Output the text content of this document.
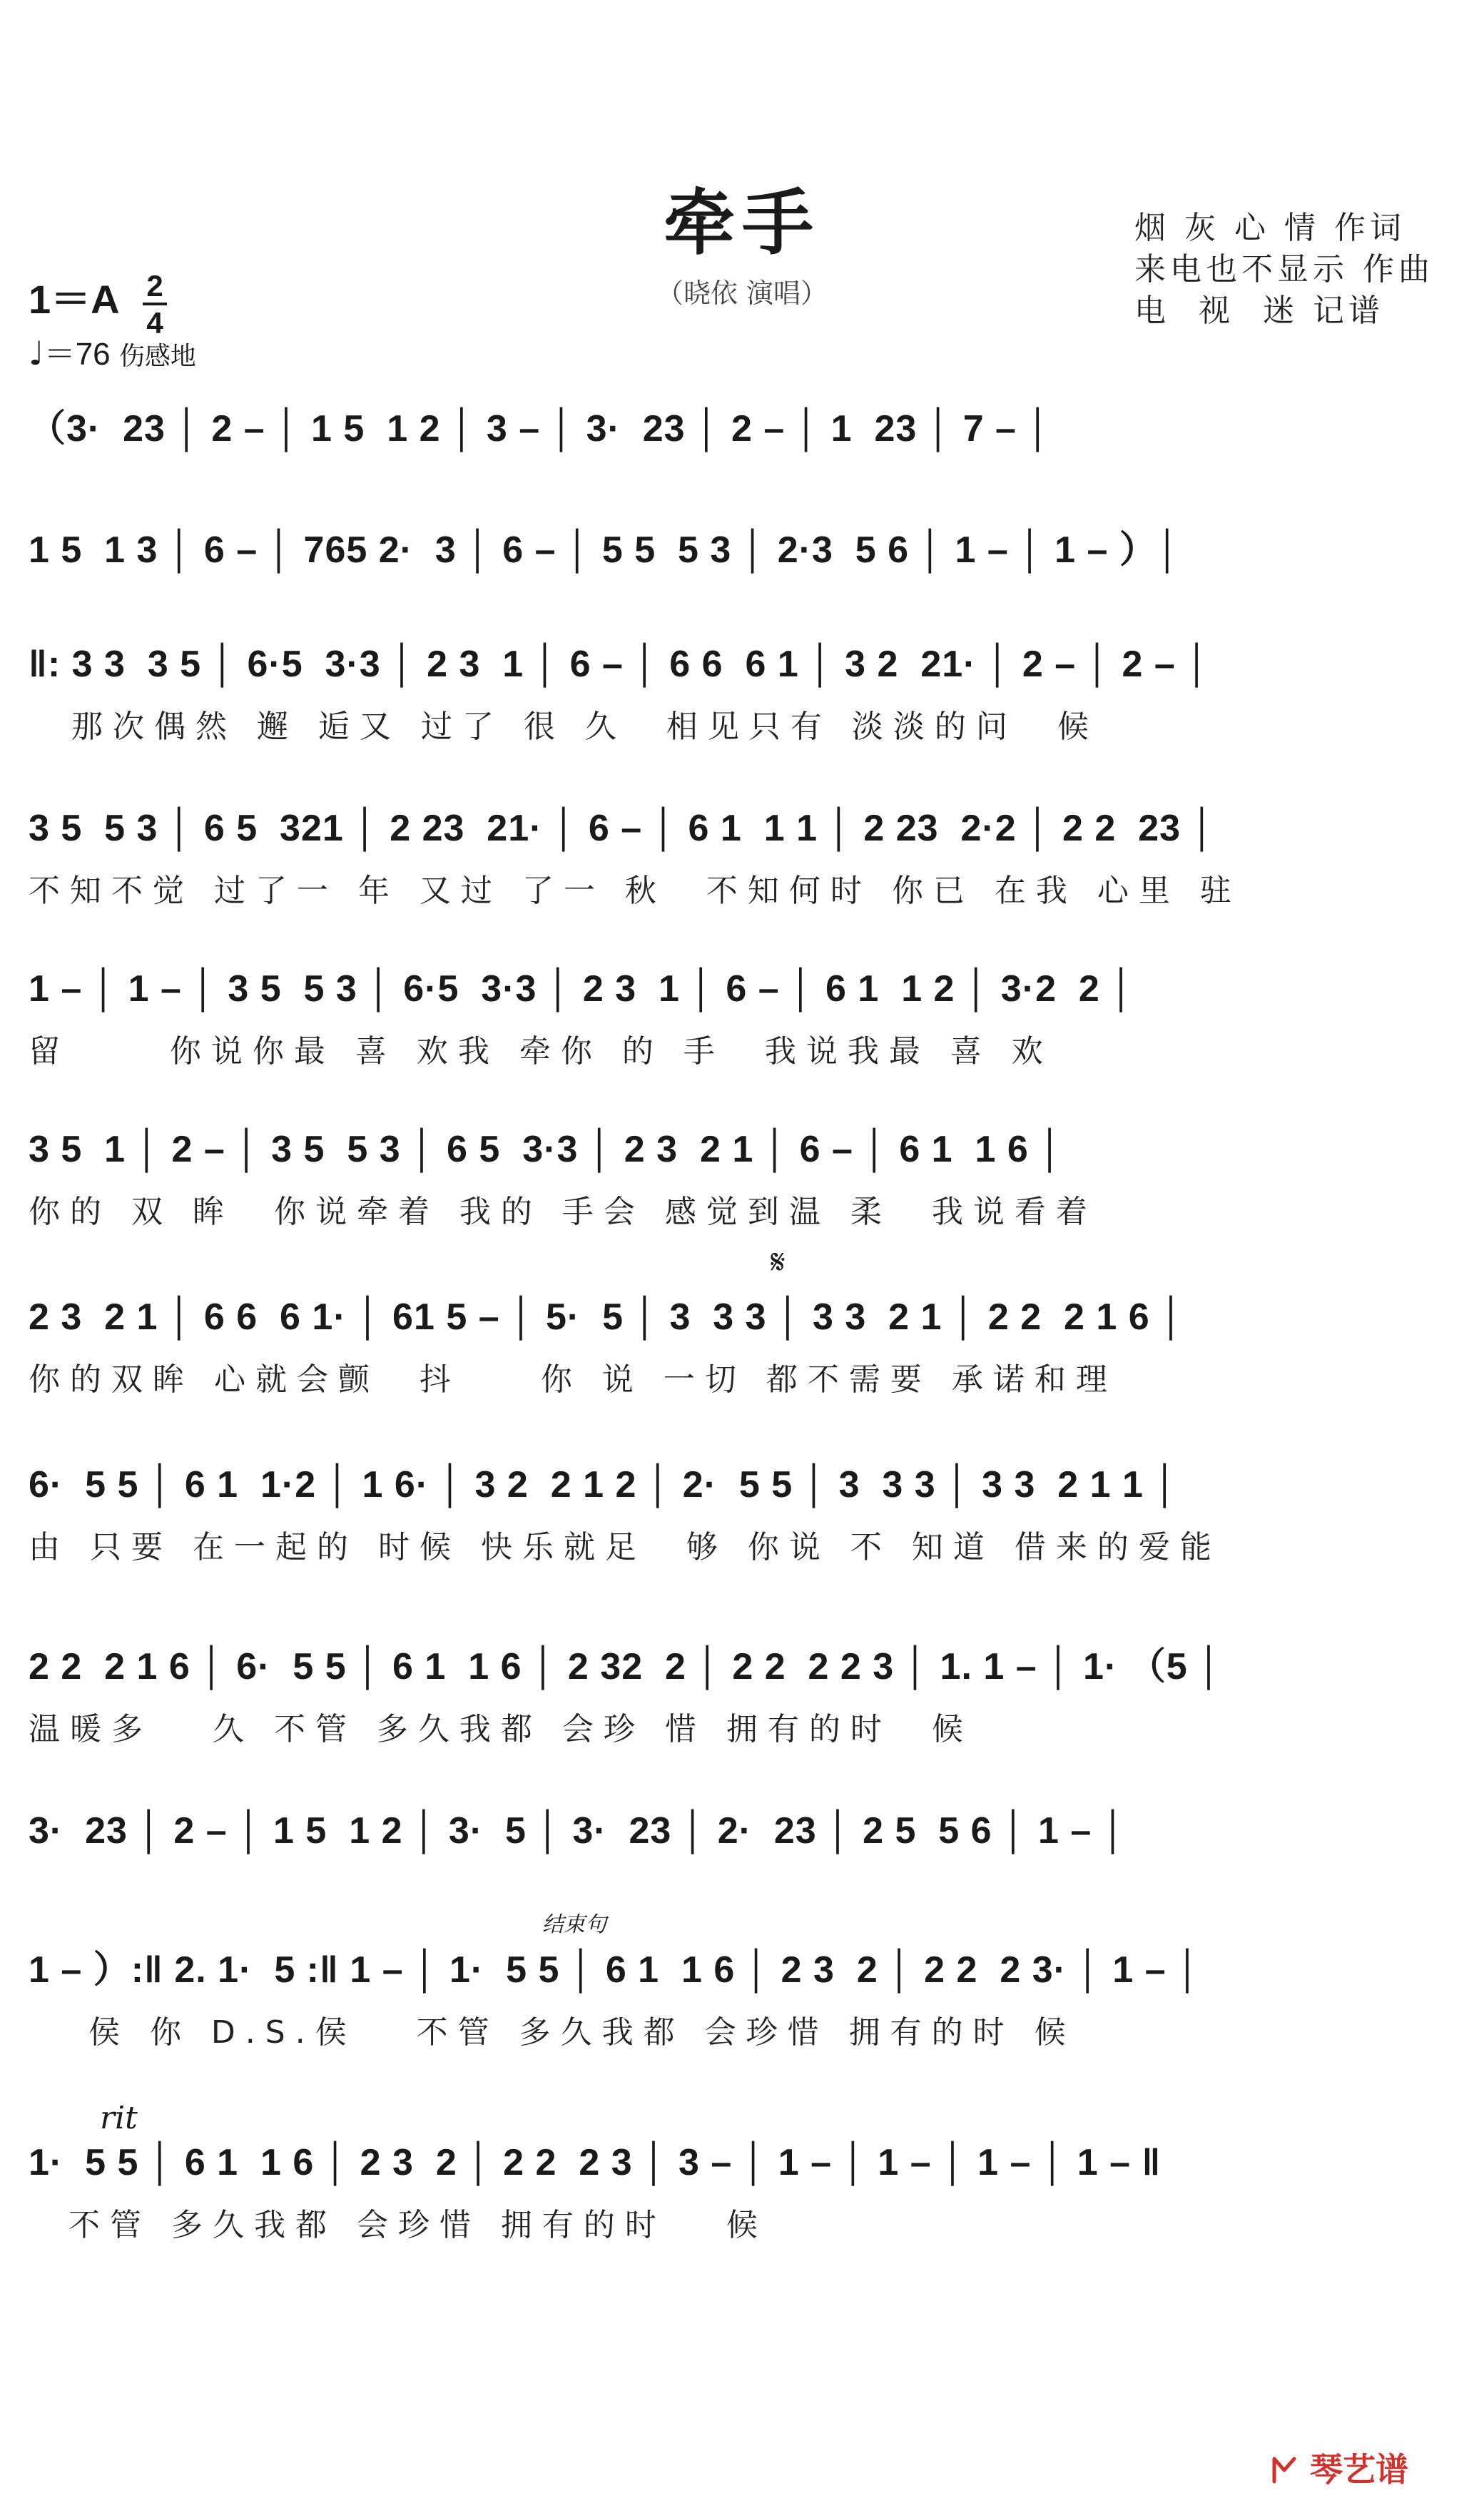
牵手
（晓依 演唱）
烟 灰 心 情 作词
来电也不显示 作曲
电  视  迷 记谱
1＝A 2
4
♩＝76 伤感地
（3·  23 │ 2 – │ 1 5  1 2 │ 3 – │ 3·  23 │ 2 – │ 1  23 │ 7 – │
1 5  1 3 │ 6 – │ 765 2·  3 │ 6 – │ 5 5  5 3 │ 2·3  5 6 │ 1 – │ 1 – ）│
‖: 3 3  3 5 │ 6·5  3·3 │ 2 3  1 │ 6 – │ 6 6  6 1 │ 3 2  21· │ 2 – │ 2 – │
那次偶然 邂 逅又 过了 很 久  相见只有 淡淡的问  候
3 5  5 3 │ 6 5  321 │ 2 23  21· │ 6 – │ 6 1  1 1 │ 2 23  2·2 │ 2 2  23 │
不知不觉 过了一 年 又过 了一 秋  不知何时 你已 在我 心里 驻
1 – │ 1 – │ 3 5  5 3 │ 6·5  3·3 │ 2 3  1 │ 6 – │ 6 1  1 2 │ 3·2  2 │
留     你说你最 喜 欢我 牵你 的 手  我说我最 喜 欢
3 5  1 │ 2 – │ 3 5  5 3 │ 6 5  3·3 │ 2 3  2 1 │ 6 – │ 6 1  1 6 │
你的 双 眸  你说牵着 我的 手会 感觉到温 柔  我说看着
𝄋
2 3  2 1 │ 6 6  6 1· │ 61 5 – │ 5·  5 │ 3  3 3 │ 3 3  2 1 │ 2 2  2 1 6 │
你的双眸 心就会颤  抖    你 说 一切 都不需要 承诺和理
6·  5 5 │ 6 1  1·2 │ 1 6· │ 3 2  2 1 2 │ 2·  5 5 │ 3  3 3 │ 3 3  2 1 1 │
由 只要 在一起的 时候 快乐就足  够 你说 不 知道 借来的爱能
2 2  2 1 6 │ 6·  5 5 │ 6 1  1 6 │ 2 32  2 │ 2 2  2 2 3 │ 1. 1 – │ 1· （5 │
温暖多   久 不管 多久我都 会珍 惜 拥有的时  候
3·  23 │ 2 – │ 1 5  1 2 │ 3·  5 │ 3·  23 │ 2·  23 │ 2 5  5 6 │ 1 – │
结束句
1 – ）:‖ 2. 1·  5 :‖ 1 – │ 1·  5 5 │ 6 1  1 6 │ 2 3  2 │ 2 2  2 3· │ 1 – │
侯 你 D.S.侯   不管 多久我都 会珍惜 拥有的时 候
rit
1·  5 5 │ 6 1  1 6 │ 2 3  2 │ 2 2  2 3 │ 3 – │ 1 – │ 1 – │ 1 – │ 1 – ‖
不管 多久我都 会珍惜 拥有的时   候
琴艺谱
